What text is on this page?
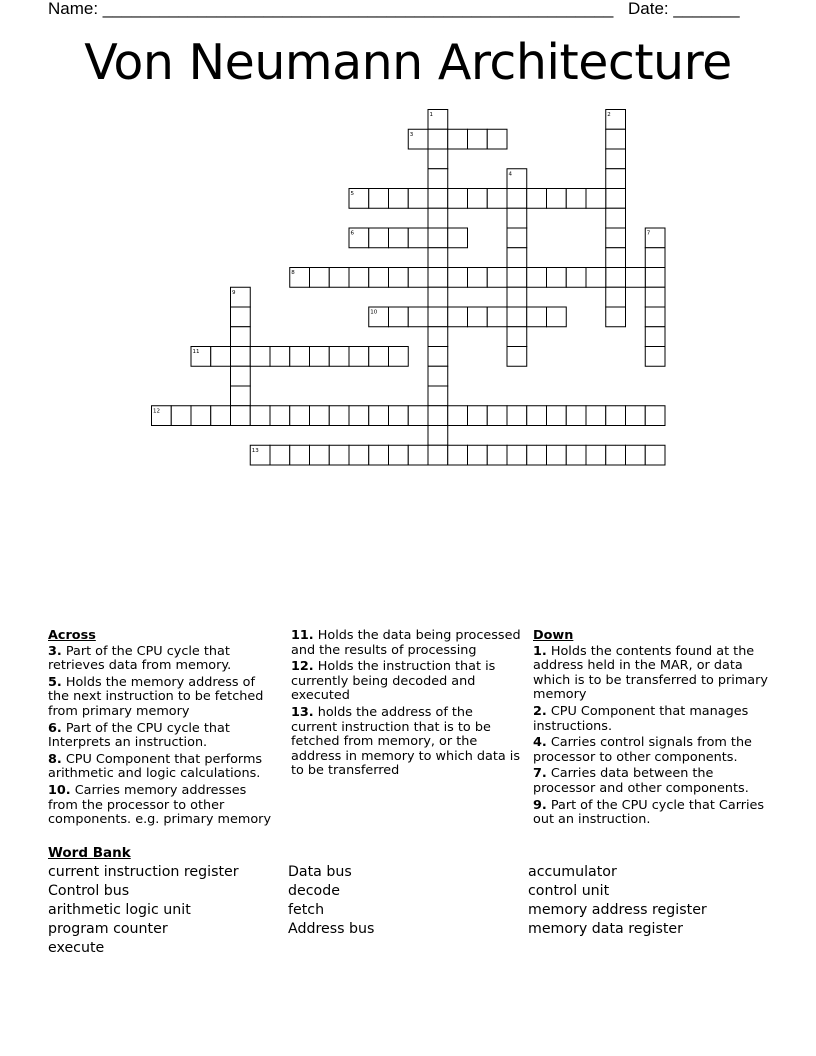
Name: ______________________________________________________ Date: _______
Von Neumann Architecture
1	2
3
4
5
6	7
8
9
10
11
12
13
Across
3. Part of the CPU cycle that retrieves data from memory.
5. Holds the memory address of the next instruction to be fetched from primary memory
6. Part of the CPU cycle that Interprets an instruction.
8. CPU Component that performs arithmetic and logic calculations.
10. Carries memory addresses from the processor to other components. e.g. primary memory
11. Holds the data being processed and the results of processing
12. Holds the instruction that is currently being decoded and executed
13. holds the address of the current instruction that is to be fetched from memory, or the address in memory to which data is to be transferred
Down
1. Holds the contents found at the address held in the MAR, or data which is to be transferred to primary memory
2. CPU Component that manages instructions.
4. Carries control signals from the processor to other components.
7. Carries data between the processor and other components.
9. Part of the CPU cycle that Carries out an instruction.
Word Bank
current instruction register
Control bus
arithmetic logic unit
program counter
execute
Data bus
decode
fetch
Address bus
accumulator
control unit
memory address register
memory data register
